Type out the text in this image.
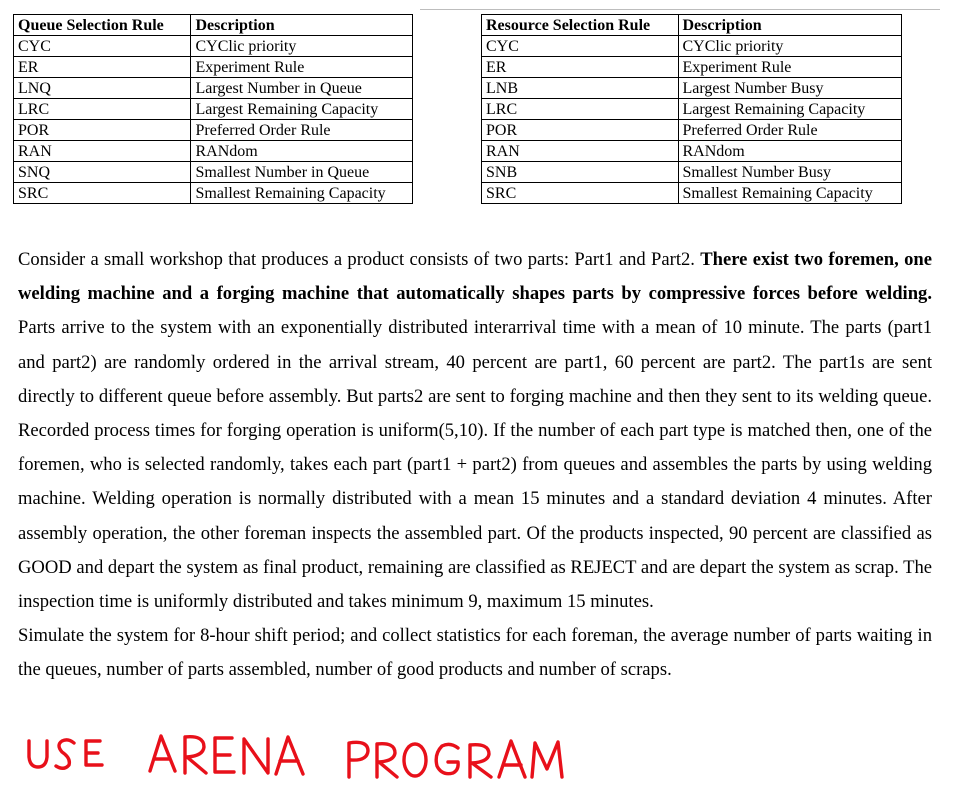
Queue Selection Rule	Description
CYC	CYClic priority
ER	Experiment Rule
LNQ	Largest Number in Queue
LRC	Largest Remaining Capacity
POR	Preferred Order Rule
RAN	RANdom
SNQ	Smallest Number in Queue
SRC	Smallest Remaining Capacity
Resource Selection Rule	Description
CYC	CYClic priority
ER	Experiment Rule
LNB	Largest Number Busy
LRC	Largest Remaining Capacity
POR	Preferred Order Rule
RAN	RANdom
SNB	Smallest Number Busy
SRC	Smallest Remaining Capacity

Consider a small workshop that produces a product consists of two parts: Part1 and Part2. There exist two foremen, one welding machine and a forging machine that automatically shapes parts by compressive forces before welding. Parts arrive to the system with an exponentially distributed interarrival time with a mean of 10 minute. The parts (part1 and part2) are randomly ordered in the arrival stream, 40 percent are part1, 60 percent are part2. The part1s are sent directly to different queue before assembly. But parts2 are sent to forging machine and then they sent to its welding queue. Recorded process times for forging operation is uniform(5,10). If the number of each part type is matched then, one of the foremen, who is selected randomly, takes each part (part1 + part2) from queues and assembles the parts by using welding machine. Welding operation is normally distributed with a mean 15 minutes and a standard deviation 4 minutes. After assembly operation, the other foreman inspects the assembled part. Of the products inspected, 90 percent are classified as GOOD and depart the system as final product, remaining are classified as REJECT and are depart the system as scrap. The inspection time is uniformly distributed and takes minimum 9, maximum 15 minutes.

Simulate the system for 8-hour shift period; and collect statistics for each foreman, the average number of parts waiting in the queues, number of parts assembled, number of good products and number of scraps.
